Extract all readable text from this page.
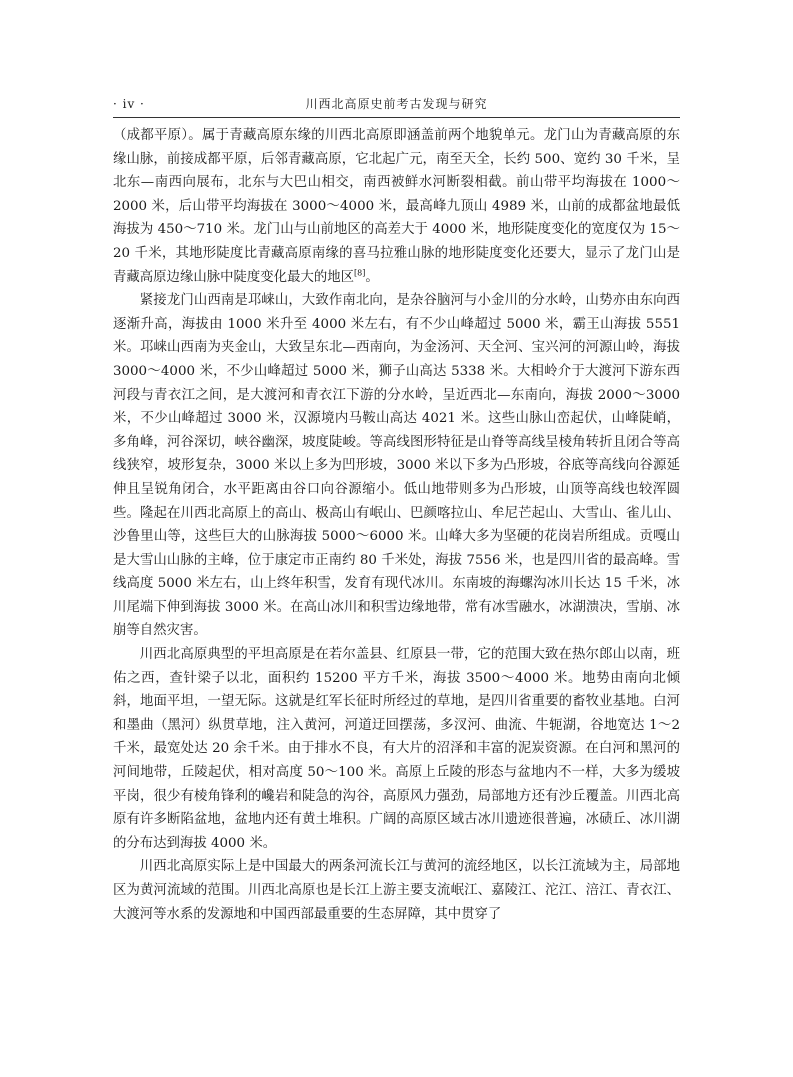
· iv ·	川西北高原史前考古发现与研究

（成都平原）。属于青藏高原东缘的川西北高原即涵盖前两个地貌单元。龙门山为青藏高原的东缘山脉，前接成都平原，后邻青藏高原，它北起广元，南至天全，长约 500、宽约 30 千米，呈北东—南西向展布，北东与大巴山相交，南西被鲜水河断裂相截。前山带平均海拔在 1000～2000 米，后山带平均海拔在 3000～4000 米，最高峰九顶山 4989 米，山前的成都盆地最低海拔为 450～710 米。龙门山与山前地区的高差大于 4000 米，地形陡度变化的宽度仅为 15～20 千米，其地形陡度比青藏高原南缘的喜马拉雅山脉的地形陡度变化还要大，显示了龙门山是青藏高原边缘山脉中陡度变化最大的地区[8]。

紧接龙门山西南是邛崃山，大致作南北向，是杂谷脑河与小金川的分水岭，山势亦由东向西逐渐升高，海拔由 1000 米升至 4000 米左右，有不少山峰超过 5000 米，霸王山海拔 5551 米。邛崃山西南为夹金山，大致呈东北—西南向，为金汤河、天全河、宝兴河的河源山岭，海拔 3000～4000 米，不少山峰超过 5000 米，狮子山高达 5338 米。大相岭介于大渡河下游东西河段与青衣江之间，是大渡河和青衣江下游的分水岭，呈近西北—东南向，海拔 2000～3000 米，不少山峰超过 3000 米，汉源境内马鞍山高达 4021 米。这些山脉山峦起伏，山峰陡峭，多角峰，河谷深切，峡谷幽深，坡度陡峻。等高线图形特征是山脊等高线呈棱角转折且闭合等高线狭窄，坡形复杂，3000 米以上多为凹形坡，3000 米以下多为凸形坡，谷底等高线向谷源延伸且呈锐角闭合，水平距离由谷口向谷源缩小。低山地带则多为凸形坡，山顶等高线也较浑圆些。隆起在川西北高原上的高山、极高山有岷山、巴颜喀拉山、牟尼芒起山、大雪山、雀儿山、沙鲁里山等，这些巨大的山脉海拔 5000～6000 米。山峰大多为坚硬的花岗岩所组成。贡嘎山是大雪山山脉的主峰，位于康定市正南约 80 千米处，海拔 7556 米，也是四川省的最高峰。雪线高度 5000 米左右，山上终年积雪，发育有现代冰川。东南坡的海螺沟冰川长达 15 千米，冰川尾端下伸到海拔 3000 米。在高山冰川和积雪边缘地带，常有冰雪融水，冰湖溃决，雪崩、冰崩等自然灾害。

川西北高原典型的平坦高原是在若尔盖县、红原县一带，它的范围大致在热尔郎山以南，班佑之西，查针梁子以北，面积约 15200 平方千米，海拔 3500～4000 米。地势由南向北倾斜，地面平坦，一望无际。这就是红军长征时所经过的草地，是四川省重要的畜牧业基地。白河和墨曲（黑河）纵贯草地，注入黄河，河道迂回摆荡，多汊河、曲流、牛轭湖，谷地宽达 1～2 千米，最宽处达 20 余千米。由于排水不良，有大片的沼泽和丰富的泥炭资源。在白河和黑河的河间地带，丘陵起伏，相对高度 50～100 米。高原上丘陵的形态与盆地内不一样，大多为缓坡平岗，很少有棱角锋利的巉岩和陡急的沟谷，高原风力强劲，局部地方还有沙丘覆盖。川西北高原有许多断陷盆地，盆地内还有黄土堆积。广阔的高原区域古冰川遗迹很普遍，冰碛丘、冰川湖的分布达到海拔 4000 米。

川西北高原实际上是中国最大的两条河流长江与黄河的流经地区，以长江流域为主，局部地区为黄河流域的范围。川西北高原也是长江上游主要支流岷江、嘉陵江、沱江、涪江、青衣江、大渡河等水系的发源地和中国西部最重要的生态屏障，其中贯穿了
